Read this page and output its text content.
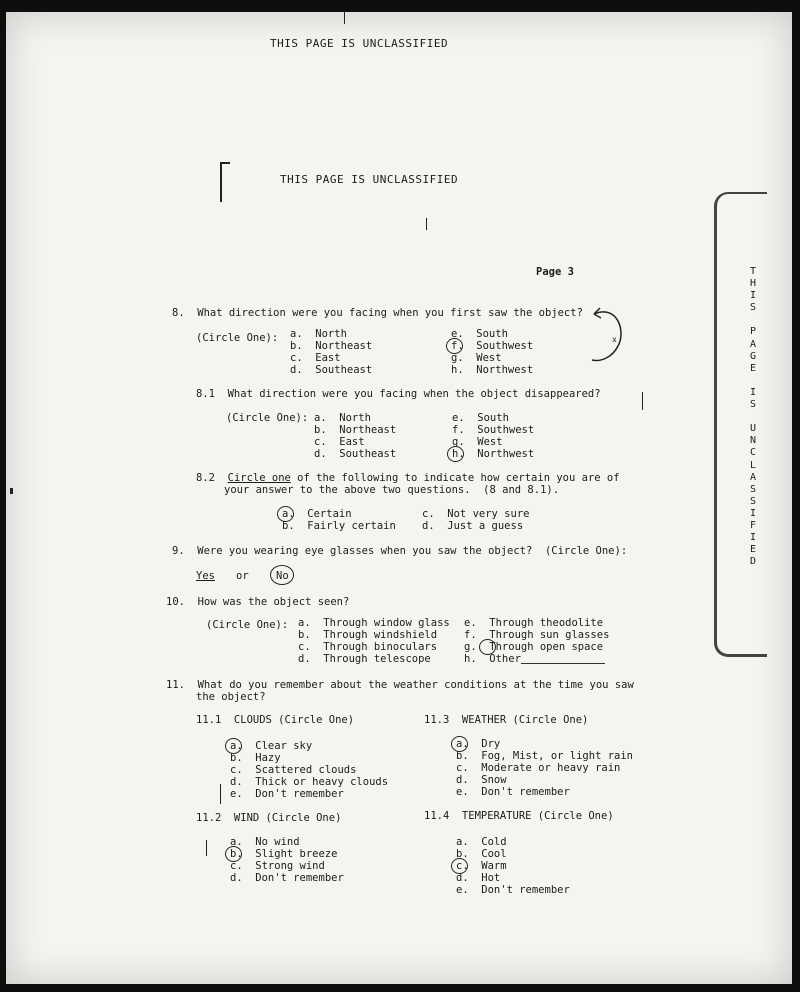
THIS PAGE IS UNCLASSIFIED
THIS PAGE IS UNCLASSIFIED
Page 3	T
H
I
S
P
A
G
E
I
S
U
N
C
L
A
S
S
I
F
I
E
D
8.  What direction were you facing when you first saw the object?
(Circle One): a.  North
b.  Northeast
c.  East
d.  Southeast
e.  South
f.  Southwest
g.  West
h.  Northwest
x
8.1  What direction were you facing when the object disappeared?
(Circle One): a.  North
b.  Northeast
c.  East
d.  Southeast
e.  South
f.  Southwest
g.  West
h.  Northwest
8.2 Circle one of the following to indicate how certain you are of
your answer to the above two questions.  (8 and 8.1).
a.  Certain
b.  Fairly certain
c.  Not very sure
d.  Just a guess
9.  Were you wearing eye glasses when you saw the object?  (Circle One):
Yes or	No
10.  How was the object seen?
(Circle One): a.  Through window glass
b.  Through windshield
c.  Through binoculars
d.  Through telescope
e.  Through theodolite
f.  Through sun glasses
g.  Through open space
h.  Other
11.  What do you remember about the weather conditions at the time you saw
the object?
11.1  CLOUDS (Circle One)
a.  Clear sky
b.  Hazy
c.  Scattered clouds
d.  Thick or heavy clouds
e.  Don't remember
11.2  WIND (Circle One)
a.  No wind
b.  Slight breeze
c.  Strong wind
d.  Don't remember
11.3  WEATHER (Circle One)
a.  Dry
b.  Fog, Mist, or light rain
c.  Moderate or heavy rain
d.  Snow
e.  Don't remember
11.4  TEMPERATURE (Circle One)
a.  Cold
b.  Cool
c.  Warm
d.  Hot
e.  Don't remember
